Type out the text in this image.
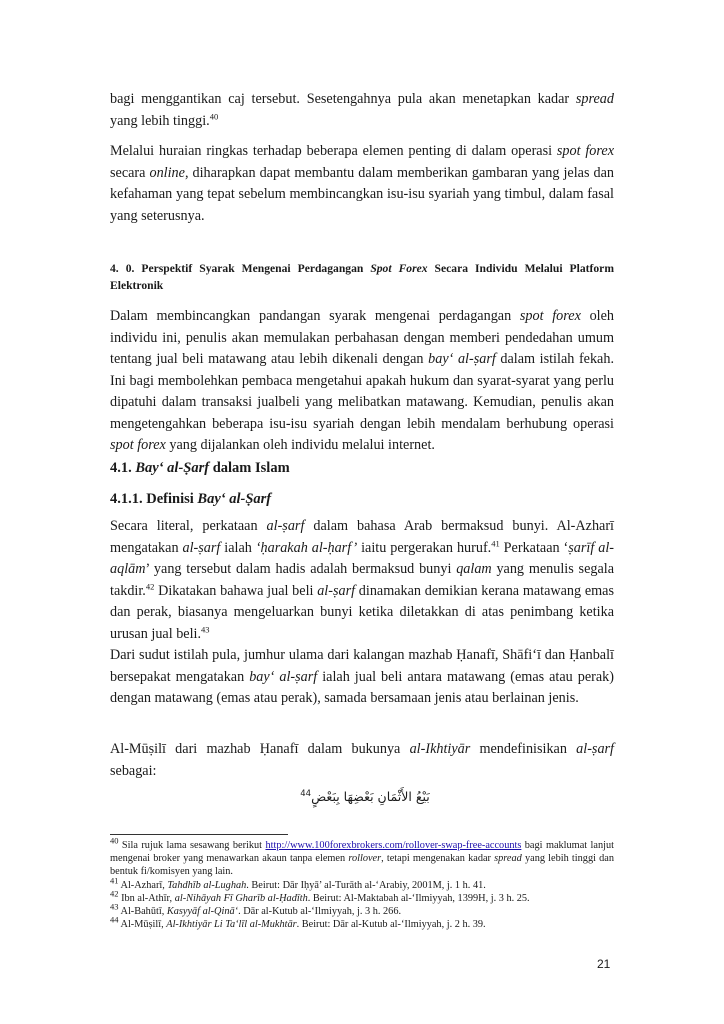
bagi menggantikan caj tersebut. Sesetengahnya pula akan menetapkan kadar spread yang lebih tinggi.$^{40}$

Melalui huraian ringkas terhadap beberapa elemen penting di dalam operasi spot forex secara online, diharapkan dapat membantu dalam memberikan gambaran yang jelas dan kefahaman yang tepat sebelum membincangkan isu-isu syariah yang timbul, dalam fasal yang seterusnya.

4. 0. Perspektif Syarak Mengenai Perdagangan Spot Forex Secara Individu Melalui Platform Elektronik

Dalam membincangkan pandangan syarak mengenai perdagangan spot forex oleh individu ini, penulis akan memulakan perbahasan dengan memberi pendedahan umum tentang jual beli matawang atau lebih dikenali dengan bay‘ al-ṣarf dalam istilah fekah. Ini bagi membolehkan pembaca mengetahui apakah hukum dan syarat-syarat yang perlu dipatuhi dalam transaksi jualbeli yang melibatkan matawang. Kemudian, penulis akan mengetengahkan beberapa isu-isu syariah dengan lebih mendalam berhubung operasi spot forex yang dijalankan oleh individu melalui internet.

4.1. Bay‘ al-Ṣarf dalam Islam
4.1.1. Definisi Bay‘ al-Ṣarf

Secara literal, perkataan al-ṣarf dalam bahasa Arab bermaksud bunyi. Al-Azharī mengatakan al-ṣarf ialah ‘ḥarakah al-ḥarf’ iaitu pergerakan huruf.$^{41}$ Perkataan ‘ṣarīf al-aqlām’ yang tersebut dalam hadis adalah bermaksud bunyi qalam yang menulis segala takdir.$^{42}$ Dikatakan bahawa jual beli al-ṣarf dinamakan demikian kerana matawang emas dan perak, biasanya mengeluarkan bunyi ketika diletakkan di atas penimbang ketika urusan jual beli.$^{43}$

Dari sudut istilah pula, jumhur ulama dari kalangan mazhab Ḥanafī, Shāfi‘ī dan Ḥanbalī bersepakat mengatakan bay‘ al-ṣarf ialah jual beli antara matawang (emas atau perak) dengan matawang (emas atau perak), samada bersamaan jenis atau berlainan jenis.

Al-Mūṣilī dari mazhab Ḥanafī dalam bukunya al-Ikhtiyār mendefinisikan al-ṣarf sebagai:

بَيْعُ الأَثْمَانِ بَعْضِهَا بِبَعْضٍ$^{44}$

$^{40}$ Sila rujuk lama sesawang berikut http://www.100forexbrokers.com/rollover-swap-free-accounts bagi maklumat lanjut mengenai broker yang menawarkan akaun tanpa elemen rollover, tetapi mengenakan kadar spread yang lebih tinggi dan bentuk fi/komisyen yang lain.

$^{41}$ Al-Azharī, Tahdhīb al-Lughah. Beirut: Dār Iḥyā’ al-Turāth al-‘Arabiy, 2001M, j. 1 h. 41.

$^{42}$ Ibn al-Athīr, al-Nihāyah Fī Gharīb al-Ḥadīth. Beirut: Al-Maktabah al-‘Ilmiyyah, 1399H, j. 3 h. 25.

$^{43}$ Al-Bahūtī, Kasyyāf al-Qinā‘. Dār al-Kutub al-‘Ilmiyyah, j. 3 h. 266.

$^{44}$ Al-Mūṣilī, Al-Ikhtiyār Li Ta‘līl al-Mukhtār. Beirut: Dār al-Kutub al-‘Ilmiyyah, j. 2 h. 39.

21
